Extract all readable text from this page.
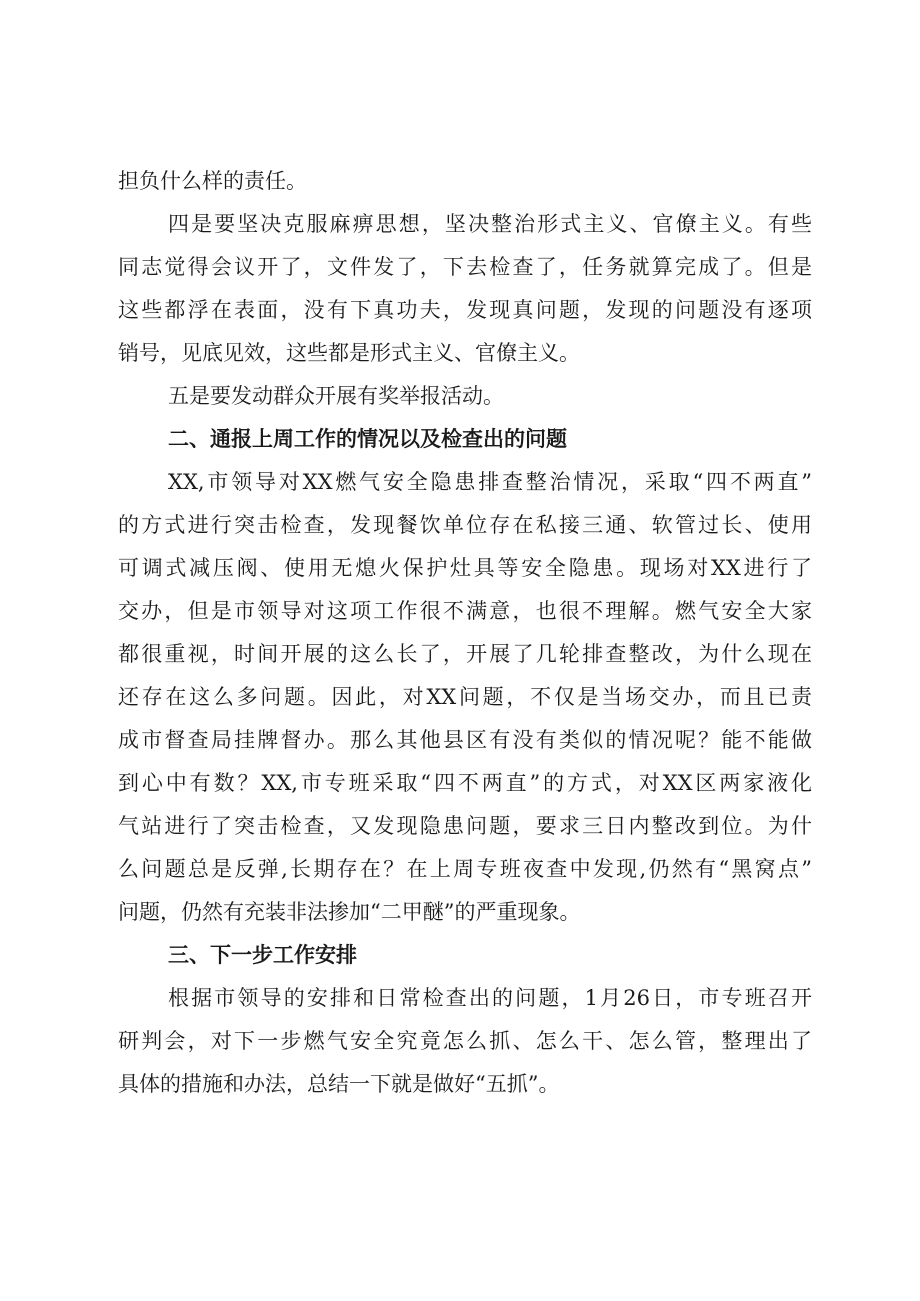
担负什么样的责任。
四是要坚决克服麻痹思想，坚决整治形式主义、官僚主义。有些
同志觉得会议开了，文件发了，下去检查了，任务就算完成了。但是
这些都浮在表面，没有下真功夫，发现真问题，发现的问题没有逐项
销号，见底见效，这些都是形式主义、官僚主义。
五是要发动群众开展有奖举报活动。
二、通报上周工作的情况以及检查出的问题
XX,市领导对XX燃气安全隐患排查整治情况，采取“四不两直”
的方式进行突击检查，发现餐饮单位存在私接三通、软管过长、使用
可调式减压阀、使用无熄火保护灶具等安全隐患。现场对XX进行了
交办，但是市领导对这项工作很不满意，也很不理解。燃气安全大家
都很重视，时间开展的这么长了，开展了几轮排查整改，为什么现在
还存在这么多问题。因此，对XX问题，不仅是当场交办，而且已责
成市督查局挂牌督办。那么其他县区有没有类似的情况呢？能不能做
到心中有数？XX,市专班采取“四不两直”的方式，对XX区两家液化
气站进行了突击检查，又发现隐患问题，要求三日内整改到位。为什
么问题总是反弹,长期存在？在上周专班夜查中发现,仍然有“黑窝点”
问题，仍然有充装非法掺加“二甲醚”的严重现象。
三、下一步工作安排
根据市领导的安排和日常检查出的问题，1月26日，市专班召开
研判会，对下一步燃气安全究竟怎么抓、怎么干、怎么管，整理出了
具体的措施和办法，总结一下就是做好“五抓”。
